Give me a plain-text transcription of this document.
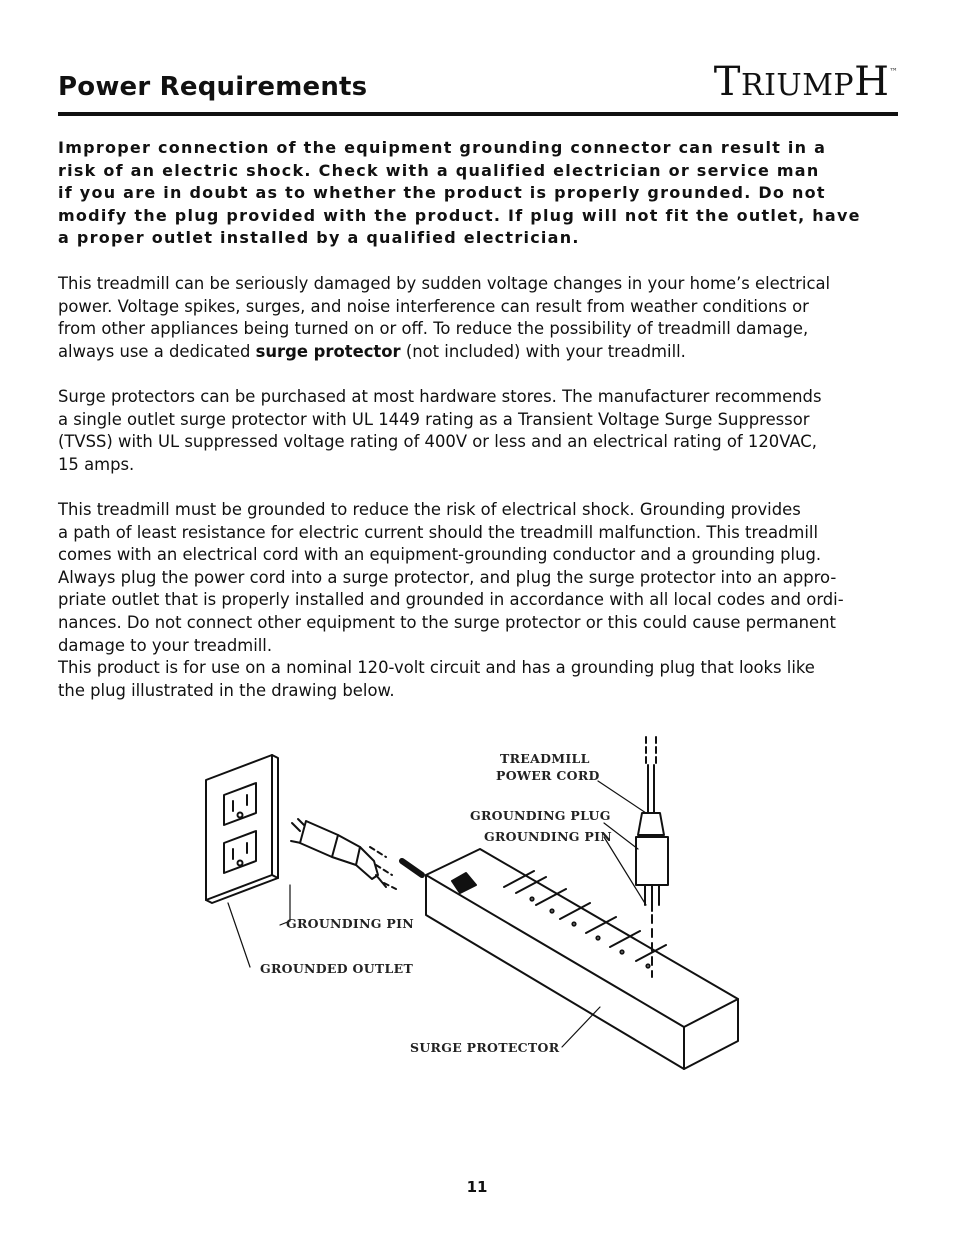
Power Requirements	TRIUMPH™
Improper connection of the equipment grounding connector can result in a
risk of an electric shock. Check with a qualified electrician or service man
if you are in doubt as to whether the product is properly grounded. Do not
modify the plug provided with the product. If plug will not fit the outlet, have
a proper outlet installed by a qualified electrician.
This treadmill can be seriously damaged by sudden voltage changes in your home’s electrical
power. Voltage spikes, surges, and noise interference can result from weather conditions or
from other appliances being turned on or off. To reduce the possibility of treadmill damage,
always use a dedicated surge protector (not included) with your treadmill.
Surge protectors can be purchased at most hardware stores. The manufacturer recommends
a single outlet surge protector with UL 1449 rating as a Transient Voltage Surge Suppressor
(TVSS) with UL suppressed voltage rating of 400V or less and an electrical rating of 120VAC,
15 amps.
This treadmill must be grounded to reduce the risk of electrical shock. Grounding provides
a path of least resistance for electric current should the treadmill malfunction. This treadmill
comes with an electrical cord with an equipment-grounding conductor and a grounding plug.
Always plug the power cord into a surge protector, and plug the surge protector into an appro-
priate outlet that is properly installed and grounded in accordance with all local codes and ordi-
nances. Do not connect other equipment to the surge protector or this could cause permanent
damage to your treadmill.
This product is for use on a nominal 120-volt circuit and has a grounding plug that looks like
the plug illustrated in the drawing below.
TREADMILL
POWER CORD
GROUNDING PLUG
GROUNDING PIN
GROUNDING PIN
GROUNDED OUTLET
SURGE PROTECTOR
11
